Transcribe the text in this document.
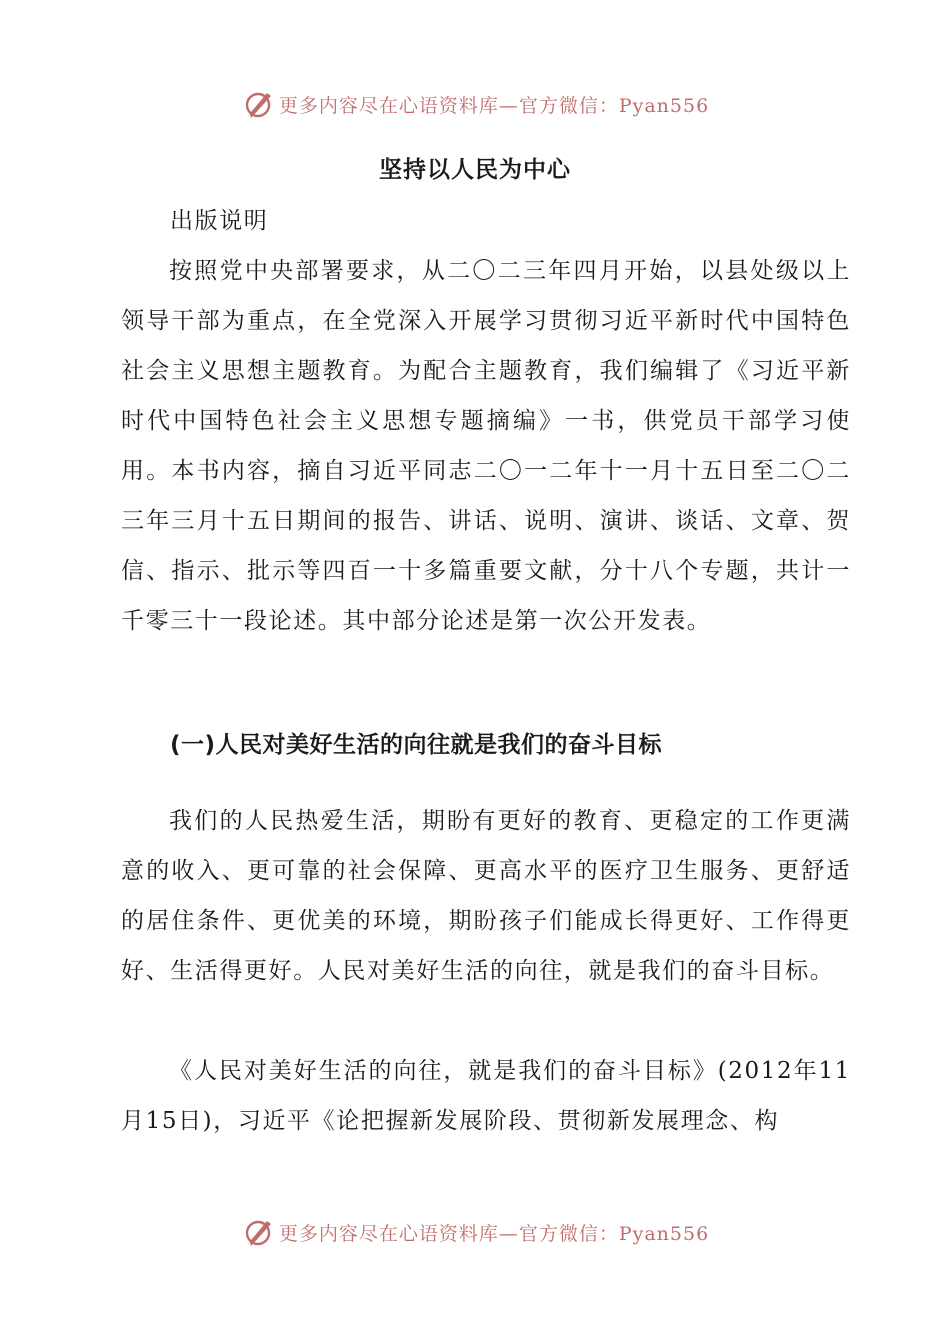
更多内容尽在心语资料库—官方微信：Pyan556
坚持以人民为中心
出版说明

按照党中央部署要求，从二〇二三年四月开始，以县处级以上领导干部为重点，在全党深入开展学习贯彻习近平新时代中国特色社会主义思想主题教育。为配合主题教育，我们编辑了《习近平新时代中国特色社会主义思想专题摘编》一书，供党员干部学习使用。本书内容，摘自习近平同志二〇一二年十一月十五日至二〇二三年三月十五日期间的报告、讲话、说明、演讲、谈话、文章、贺信、指示、批示等四百一十多篇重要文献，分十八个专题，共计一千零三十一段论述。其中部分论述是第一次公开发表。

(一)人民对美好生活的向往就是我们的奋斗目标

我们的人民热爱生活，期盼有更好的教育、更稳定的工作更满意的收入、更可靠的社会保障、更高水平的医疗卫生服务、更舒适的居住条件、更优美的环境，期盼孩子们能成长得更好、工作得更好、生活得更好。人民对美好生活的向往，就是我们的奋斗目标。

《人民对美好生活的向往，就是我们的奋斗目标》(2012年11月15日)，习近平《论把握新发展阶段、贯彻新发展理念、构

更多内容尽在心语资料库—官方微信：Pyan556
